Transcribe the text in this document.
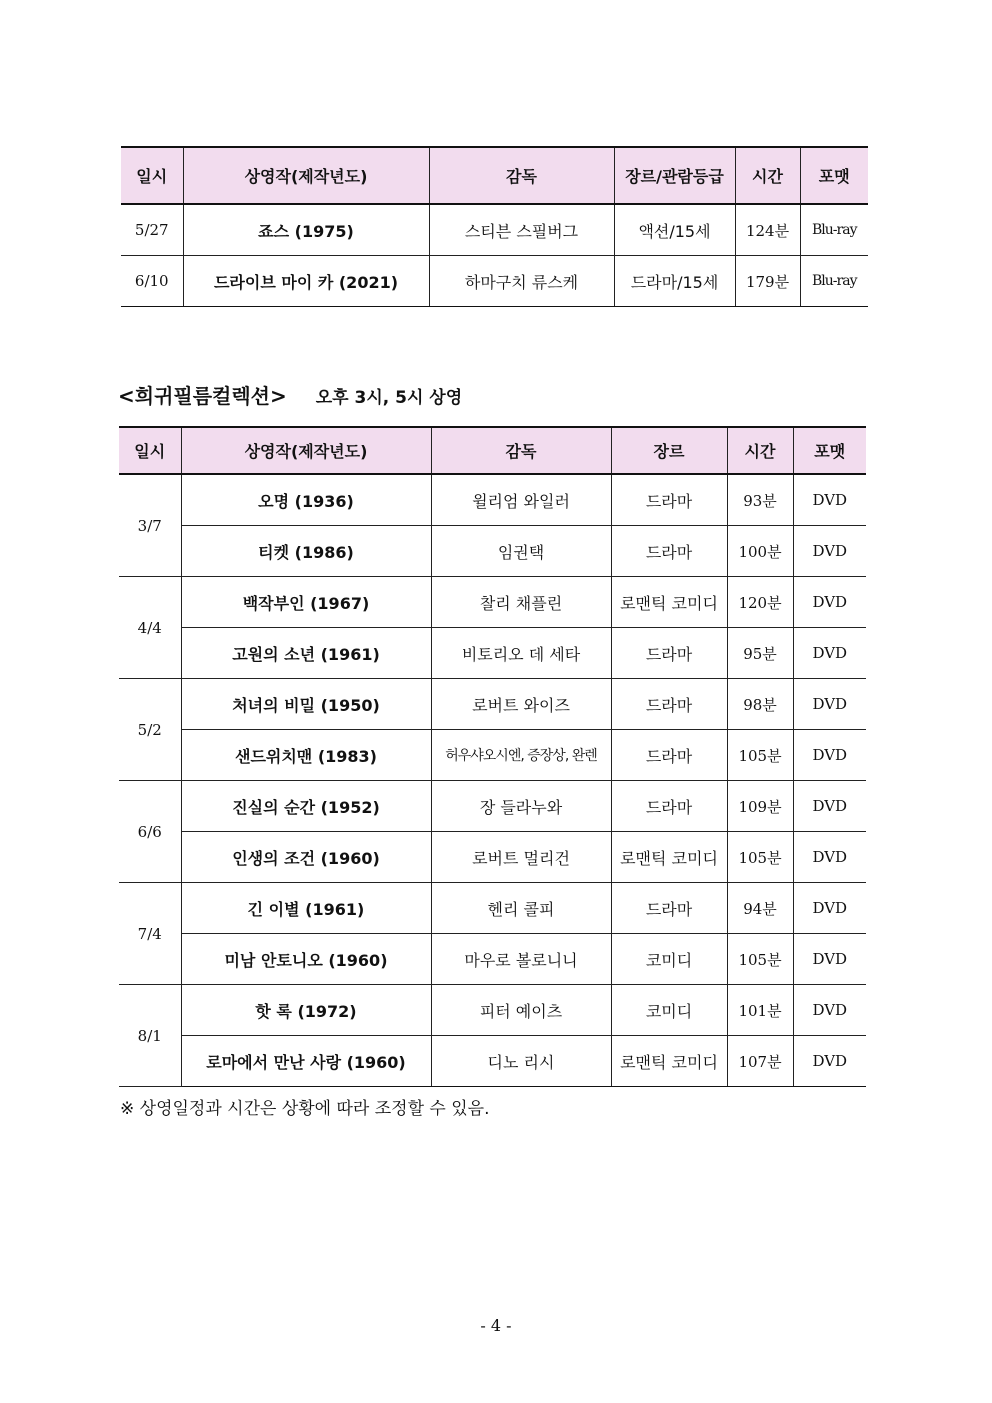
일시	상영작(제작년도)	감독	장르/관람등급	시간	포맷
5/27	죠스 (1975)	스티븐 스필버그	액션/15세	124분	Blu-ray
6/10	드라이브 마이 카 (2021)	하마구치 류스케	드라마/15세	179분	Blu-ray
<희귀필름컬렉션> 오후 3시, 5시 상영
일시	상영작(제작년도)	감독	장르	시간	포맷
3/7	오명 (1936)	윌리엄 와일러	드라마	93분	DVD
	티켓 (1986)	임권택	드라마	100분	DVD
4/4	백작부인 (1967)	찰리 채플린	로맨틱 코미디	120분	DVD
	고원의 소년 (1961)	비토리오 데 세타	드라마	95분	DVD
5/2	처녀의 비밀 (1950)	로버트 와이즈	드라마	98분	DVD
	샌드위치맨 (1983)	허우샤오시엔, 증장상, 완렌	드라마	105분	DVD
6/6	진실의 순간 (1952)	장 들라누와	드라마	109분	DVD
	인생의 조건 (1960)	로버트 멀리건	로맨틱 코미디	105분	DVD
7/4	긴 이별 (1961)	헨리 콜피	드라마	94분	DVD
	미남 안토니오 (1960)	마우로 볼로니니	코미디	105분	DVD
8/1	핫 록 (1972)	피터 예이츠	코미디	101분	DVD
	로마에서 만난 사랑 (1960)	디노 리시	로맨틱 코미디	107분	DVD
※ 상영일정과 시간은 상황에 따라 조정할 수 있음.
- 4 -
